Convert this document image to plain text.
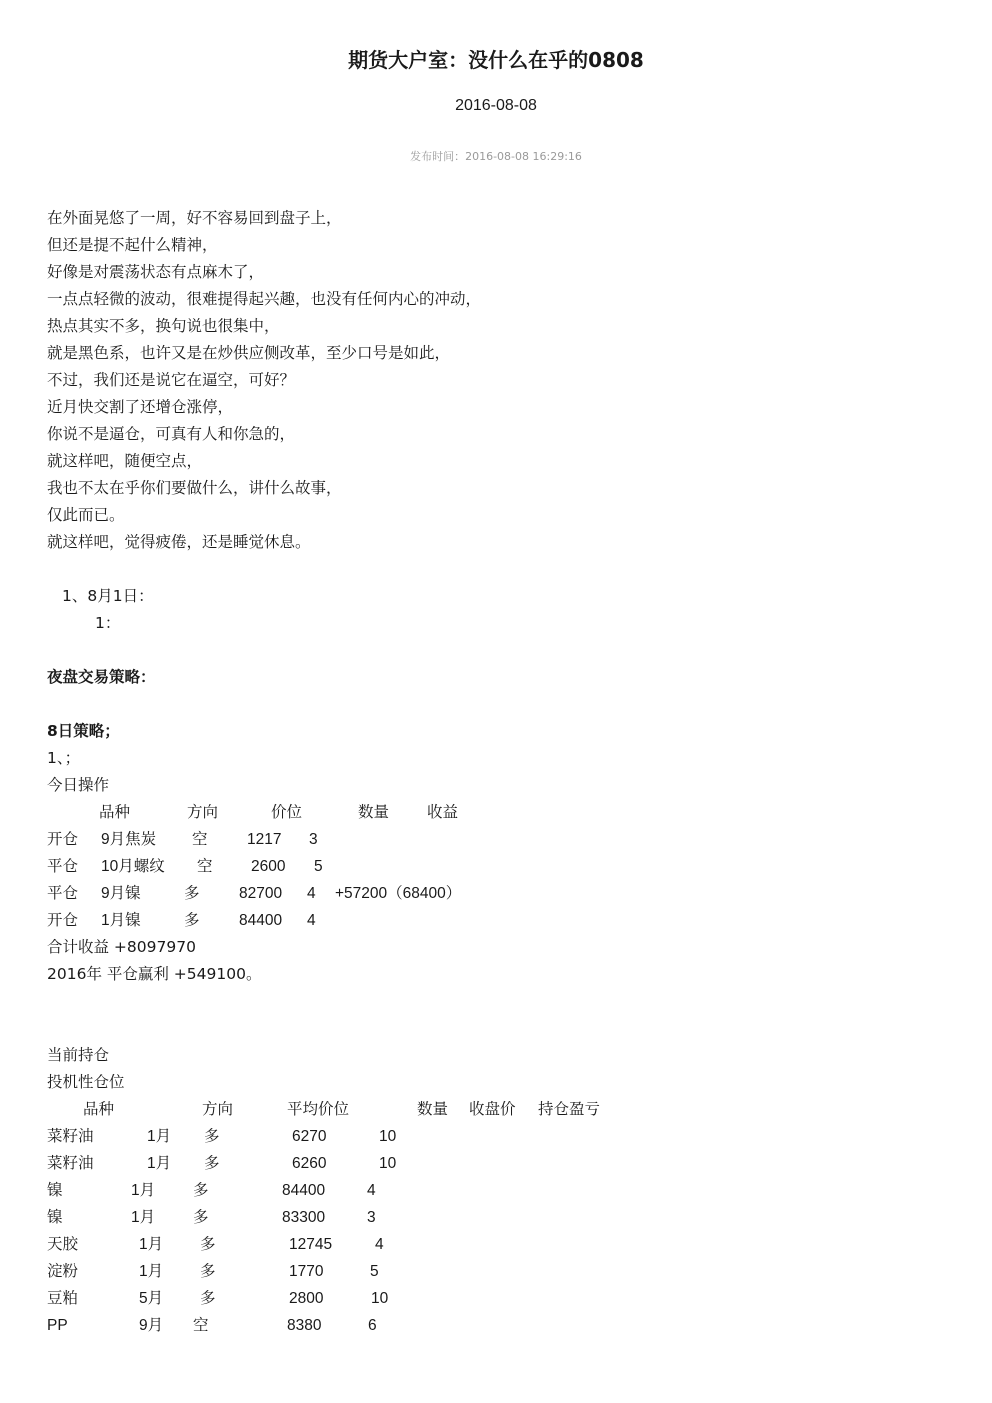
期货大户室：没什么在乎的0808
2016-08-08
发布时间：2016-08-08 16:29:16
在外面晃悠了一周，好不容易回到盘子上，
但还是提不起什么精神，
好像是对震荡状态有点麻木了，
一点点轻微的波动，很难提得起兴趣，也没有任何内心的冲动，
热点其实不多，换句说也很集中，
就是黑色系，也许又是在炒供应侧改革，至少口号是如此，
不过，我们还是说它在逼空，可好？
近月快交割了还增仓涨停，
你说不是逼仓，可真有人和你急的，
就这样吧，随便空点，
我也不太在乎你们要做什么，讲什么故事，
仅此而已。
就这样吧，觉得疲倦，还是睡觉休息。
1、8月1日：
1：
夜盘交易策略：
8日策略；
1、；
今日操作
品种	方向	价位	数量 收益
开仓 9月焦炭 空	1217 3
平仓 10月螺纹 空 2600 5
平仓 9月镍	多	82700 4 +57200（68400）
开仓 1月镍	多	84400 4
合计收益 +8097970
2016年 平仓赢利 +549100。
当前持仓
投机性仓位
品种	方向	平均价位	数量 收盘价 持仓盈亏
菜籽油	1月 多	6270	10
菜籽油	1月 多	6260	10
镍	1月 多	84400	4
镍	1月 多	83300	3
天胶	1月 多	12745	4
淀粉	1月 多	1770	5
豆粕	5月 多	2800	10
PP	9月 空	8380	6
